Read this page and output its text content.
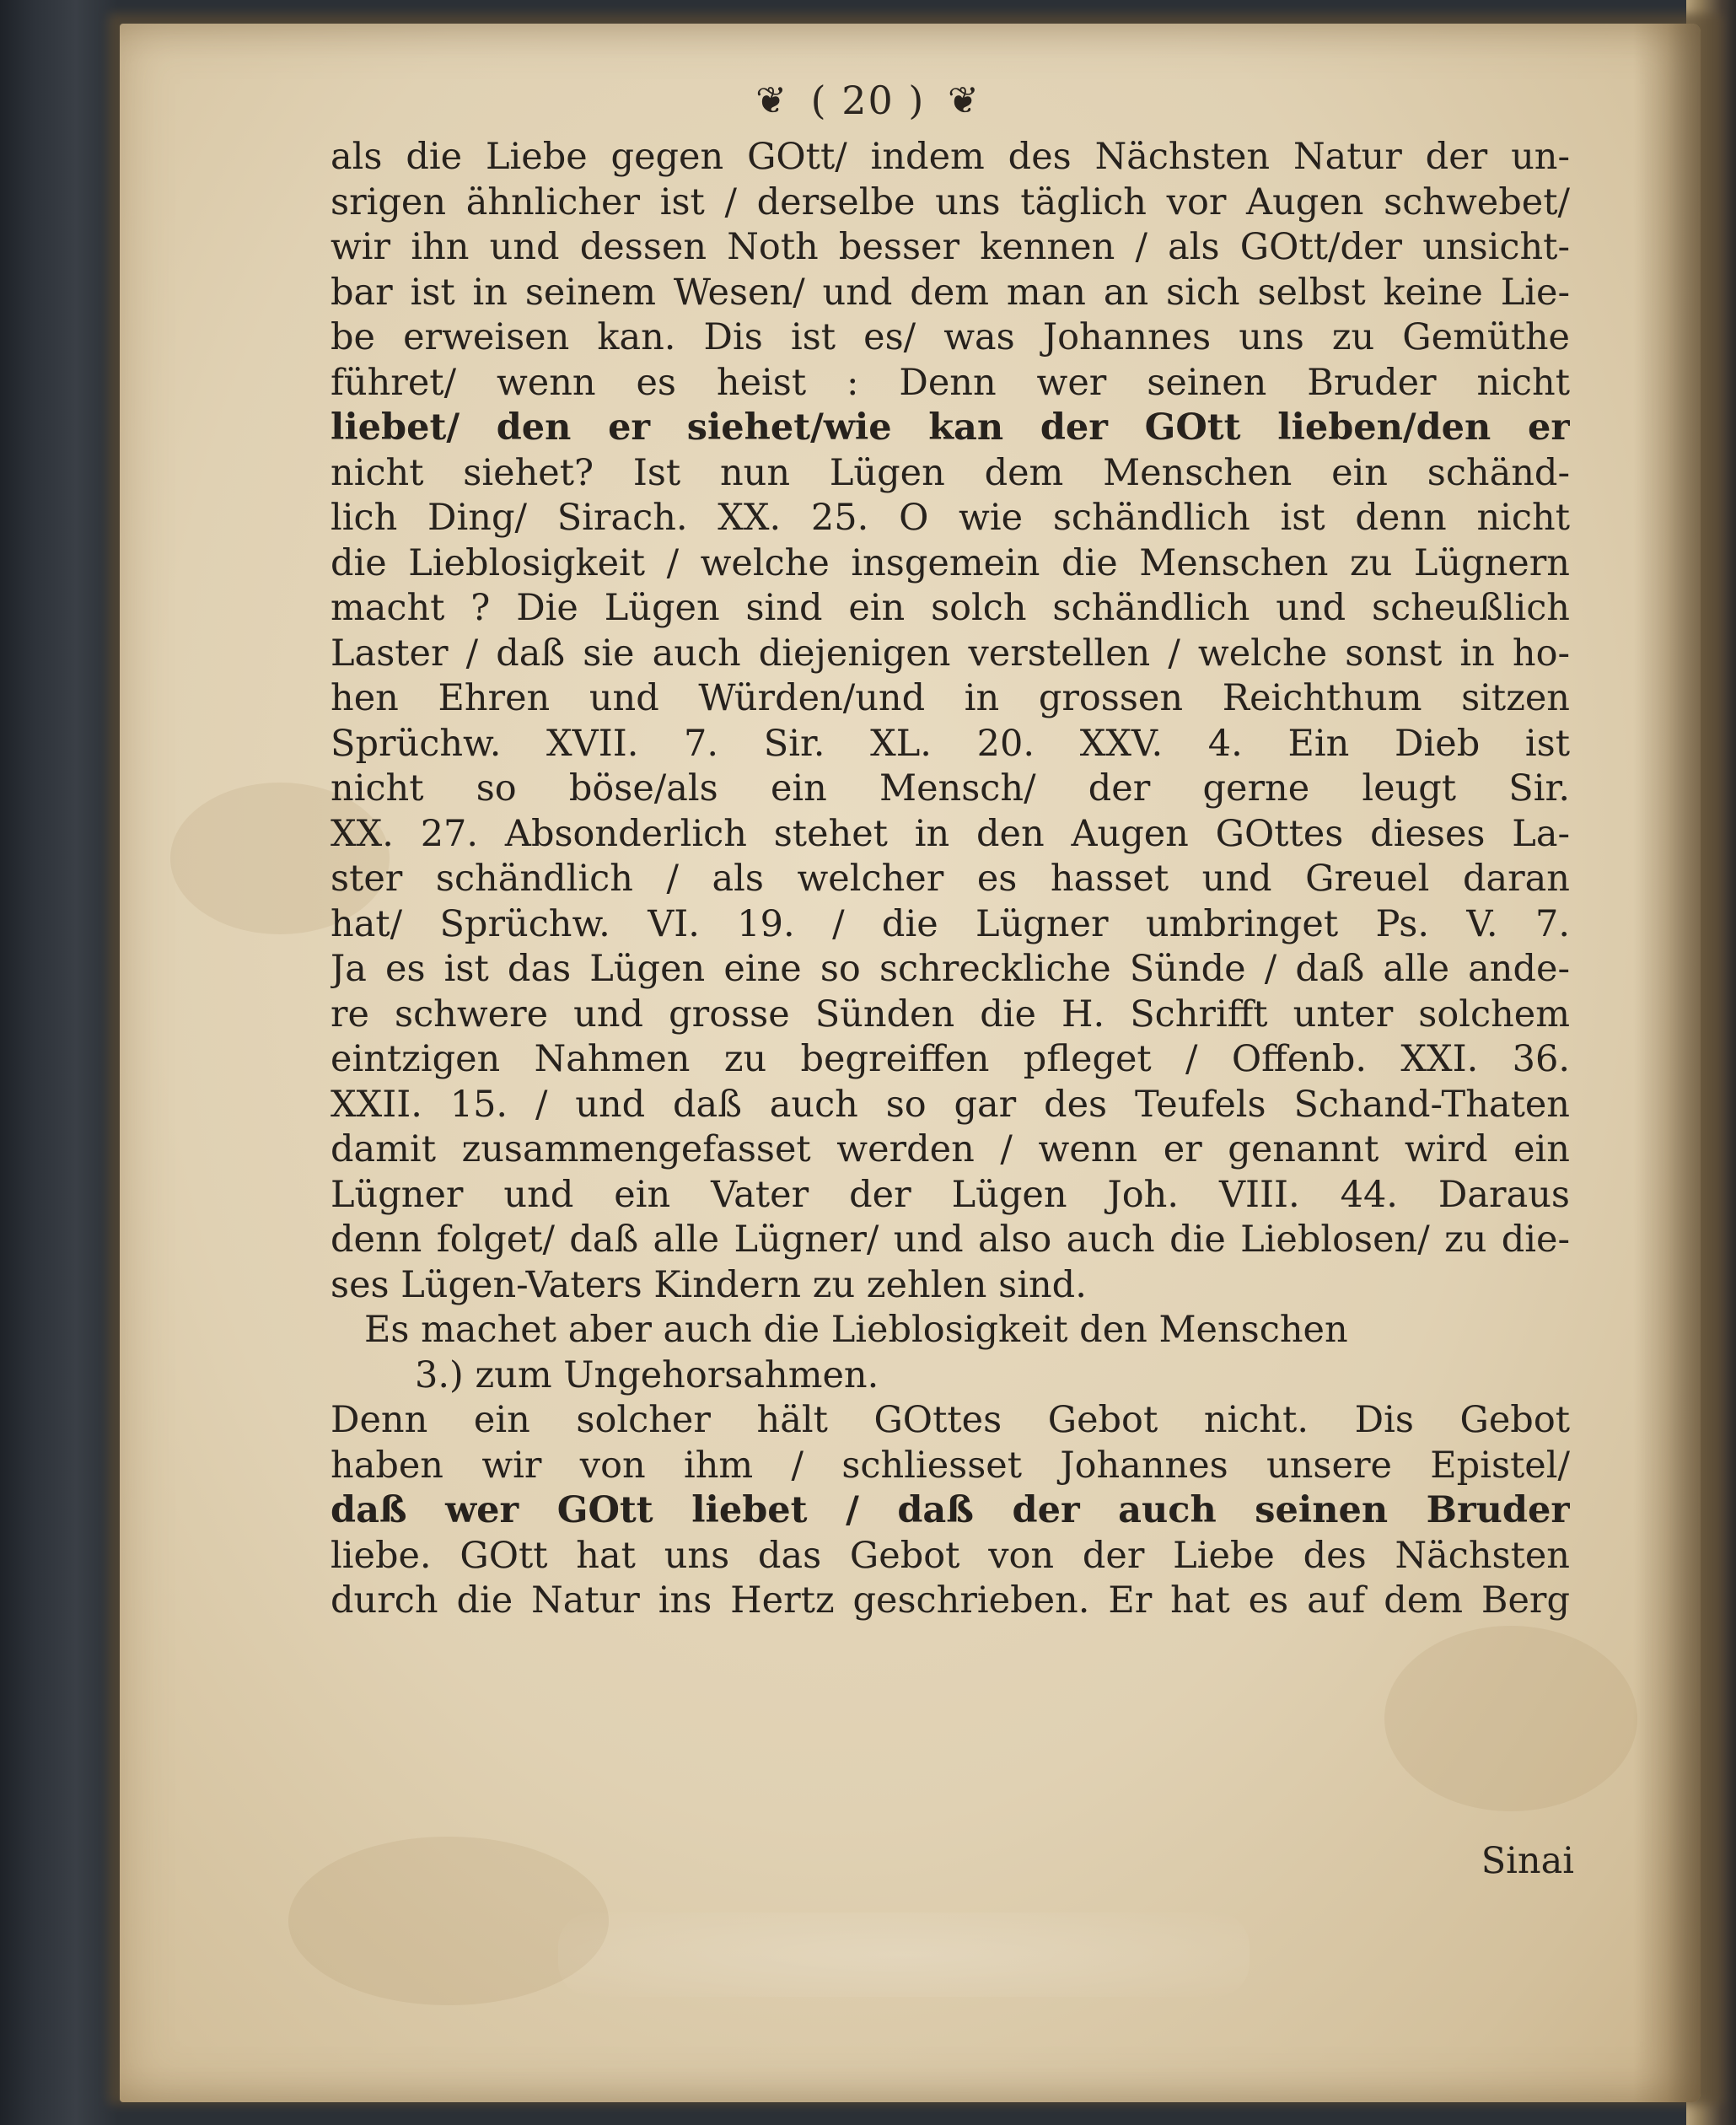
❦ ( 20 ) ❦
als die Liebe gegen GOtt/ indem des Nächsten Natur der un-
srigen ähnlicher ist / derselbe uns täglich vor Augen schwebet/
wir ihn und dessen Noth besser kennen / als GOtt/der unsicht-
bar ist in seinem Wesen/ und dem man an sich selbst keine Lie-
be erweisen kan. Dis ist es/ was Johannes uns zu Gemüthe
führet/ wenn es heist : Denn wer seinen Bruder nicht
liebet/ den er siehet/wie kan der GOtt lieben/den er
nicht siehet? Ist nun Lügen dem Menschen ein schänd-
lich Ding/ Sirach. XX. 25. O wie schändlich ist denn nicht
die Lieblosigkeit / welche insgemein die Menschen zu Lügnern
macht ? Die Lügen sind ein solch schändlich und scheußlich
Laster / daß sie auch diejenigen verstellen / welche sonst in ho-
hen Ehren und Würden/und in grossen Reichthum sitzen
Sprüchw. XVII. 7. Sir. XL. 20. XXV. 4. Ein Dieb ist
nicht so böse/als ein Mensch/ der gerne leugt Sir.
XX. 27. Absonderlich stehet in den Augen GOttes dieses La-
ster schändlich / als welcher es hasset und Greuel daran
hat/ Sprüchw. VI. 19. / die Lügner umbringet Ps. V. 7.
Ja es ist das Lügen eine so schreckliche Sünde / daß alle ande-
re schwere und grosse Sünden die H. Schrifft unter solchem
eintzigen Nahmen zu begreiffen pfleget / Offenb. XXI. 36.
XXII. 15. / und daß auch so gar des Teufels Schand-Thaten
damit zusammengefasset werden / wenn er genannt wird ein
Lügner und ein Vater der Lügen Joh. VIII. 44. Daraus
denn folget/ daß alle Lügner/ und also auch die Lieblosen/ zu die-
ses Lügen-Vaters Kindern zu zehlen sind.
Es machet aber auch die Lieblosigkeit den Menschen
3.) zum Ungehorsahmen.
Denn ein solcher hält GOttes Gebot nicht. Dis Gebot
haben wir von ihm / schliesset Johannes unsere Epistel/
daß wer GOtt liebet / daß der auch seinen Bruder
liebe. GOtt hat uns das Gebot von der Liebe des Nächsten
durch die Natur ins Hertz geschrieben. Er hat es auf dem Berg
Sinai
